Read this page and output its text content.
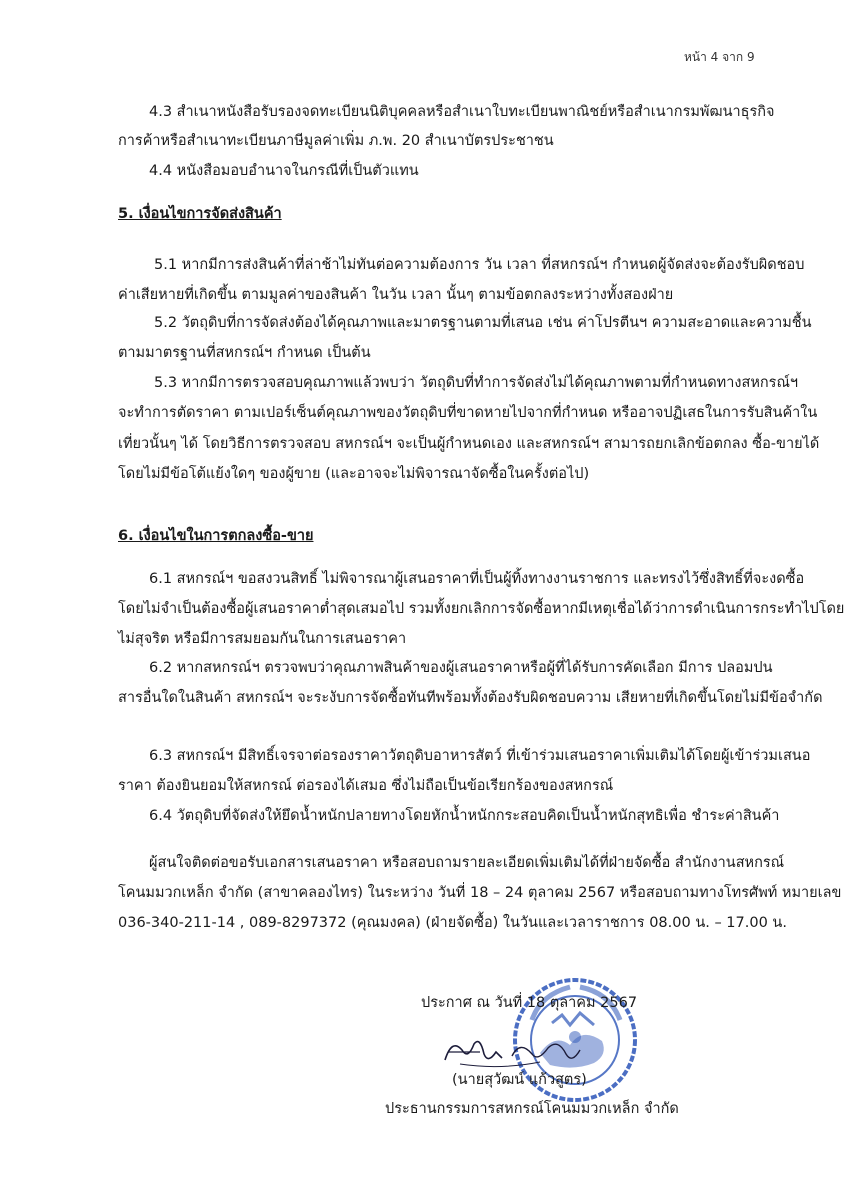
หน้า 4 จาก 9
4.3 สำเนาหนังสือรับรองจดทะเบียนนิติบุคคลหรือสำเนาใบทะเบียนพาณิชย์หรือสำเนากรมพัฒนาธุรกิจ
การค้าหรือสำเนาทะเบียนภาษีมูลค่าเพิ่ม ภ.พ. 20 สำเนาบัตรประชาชน
4.4 หนังสือมอบอำนาจในกรณีที่เป็นตัวแทน
5. เงื่อนไขการจัดส่งสินค้า
5.1 หากมีการส่งสินค้าที่ล่าช้าไม่ทันต่อความต้องการ วัน เวลา ที่สหกรณ์ฯ กำหนดผู้จัดส่งจะต้องรับผิดชอบ
ค่าเสียหายที่เกิดขึ้น ตามมูลค่าของสินค้า ในวัน เวลา นั้นๆ ตามข้อตกลงระหว่างทั้งสองฝ่าย
5.2 วัตถุดิบที่การจัดส่งต้องได้คุณภาพและมาตรฐานตามที่เสนอ เช่น ค่าโปรตีนฯ ความสะอาดและความชื้น
ตามมาตรฐานที่สหกรณ์ฯ กำหนด เป็นต้น
5.3 หากมีการตรวจสอบคุณภาพแล้วพบว่า วัตถุดิบที่ทำการจัดส่งไม่ได้คุณภาพตามที่กำหนดทางสหกรณ์ฯ
จะทำการตัดราคา ตามเปอร์เซ็นต์คุณภาพของวัตถุดิบที่ขาดหายไปจากที่กำหนด หรืออาจปฏิเสธในการรับสินค้าใน
เที่ยวนั้นๆ ได้ โดยวิธีการตรวจสอบ สหกรณ์ฯ จะเป็นผู้กำหนดเอง และสหกรณ์ฯ สามารถยกเลิกข้อตกลง ซื้อ-ขายได้
โดยไม่มีข้อโต้แย้งใดๆ ของผู้ขาย (และอาจจะไม่พิจารณาจัดซื้อในครั้งต่อไป)
6. เงื่อนไขในการตกลงซื้อ-ขาย
6.1 สหกรณ์ฯ ขอสงวนสิทธิ์ ไม่พิจารณาผู้เสนอราคาที่เป็นผู้ทิ้งทางงานราชการ และทรงไว้ซึ่งสิทธิ์ที่จะงดซื้อ
โดยไม่จำเป็นต้องซื้อผู้เสนอราคาต่ำสุดเสมอไป รวมทั้งยกเลิกการจัดซื้อหากมีเหตุเชื่อได้ว่าการดำเนินการกระทำไปโดย
ไม่สุจริต หรือมีการสมยอมกันในการเสนอราคา
6.2 หากสหกรณ์ฯ ตรวจพบว่าคุณภาพสินค้าของผู้เสนอราคาหรือผู้ที่ได้รับการคัดเลือก มีการ ปลอมปน
สารอื่นใดในสินค้า สหกรณ์ฯ จะระงับการจัดซื้อทันทีพร้อมทั้งต้องรับผิดชอบความ เสียหายที่เกิดขึ้นโดยไม่มีข้อจำกัด
6.3 สหกรณ์ฯ มีสิทธิ์เจรจาต่อรองราคาวัตถุดิบอาหารสัตว์ ที่เข้าร่วมเสนอราคาเพิ่มเติมได้โดยผู้เข้าร่วมเสนอ
ราคา ต้องยินยอมให้สหกรณ์ ต่อรองได้เสมอ ซึ่งไม่ถือเป็นข้อเรียกร้องของสหกรณ์
6.4 วัตถุดิบที่จัดส่งให้ยึดน้ำหนักปลายทางโดยหักน้ำหนักกระสอบคิดเป็นน้ำหนักสุทธิเพื่อ ชำระค่าสินค้า
ผู้สนใจติดต่อขอรับเอกสารเสนอราคา หรือสอบถามรายละเอียดเพิ่มเติมได้ที่ฝ่ายจัดซื้อ สำนักงานสหกรณ์
โคนมมวกเหล็ก จำกัด (สาขาคลองไทร) ในระหว่าง วันที่ 18 – 24 ตุลาคม 2567 หรือสอบถามทางโทรศัพท์ หมายเลข
036-340-211-14 , 089-8297372 (คุณมงคล) (ฝ่ายจัดซื้อ) ในวันและเวลาราชการ 08.00 น. – 17.00 น.
ประกาศ ณ วันที่ 18 ตุลาคม 2567
(นายสุวัฒน์ แก้วสูตร)
ประธานกรรมการสหกรณ์โคนมมวกเหล็ก จำกัด
